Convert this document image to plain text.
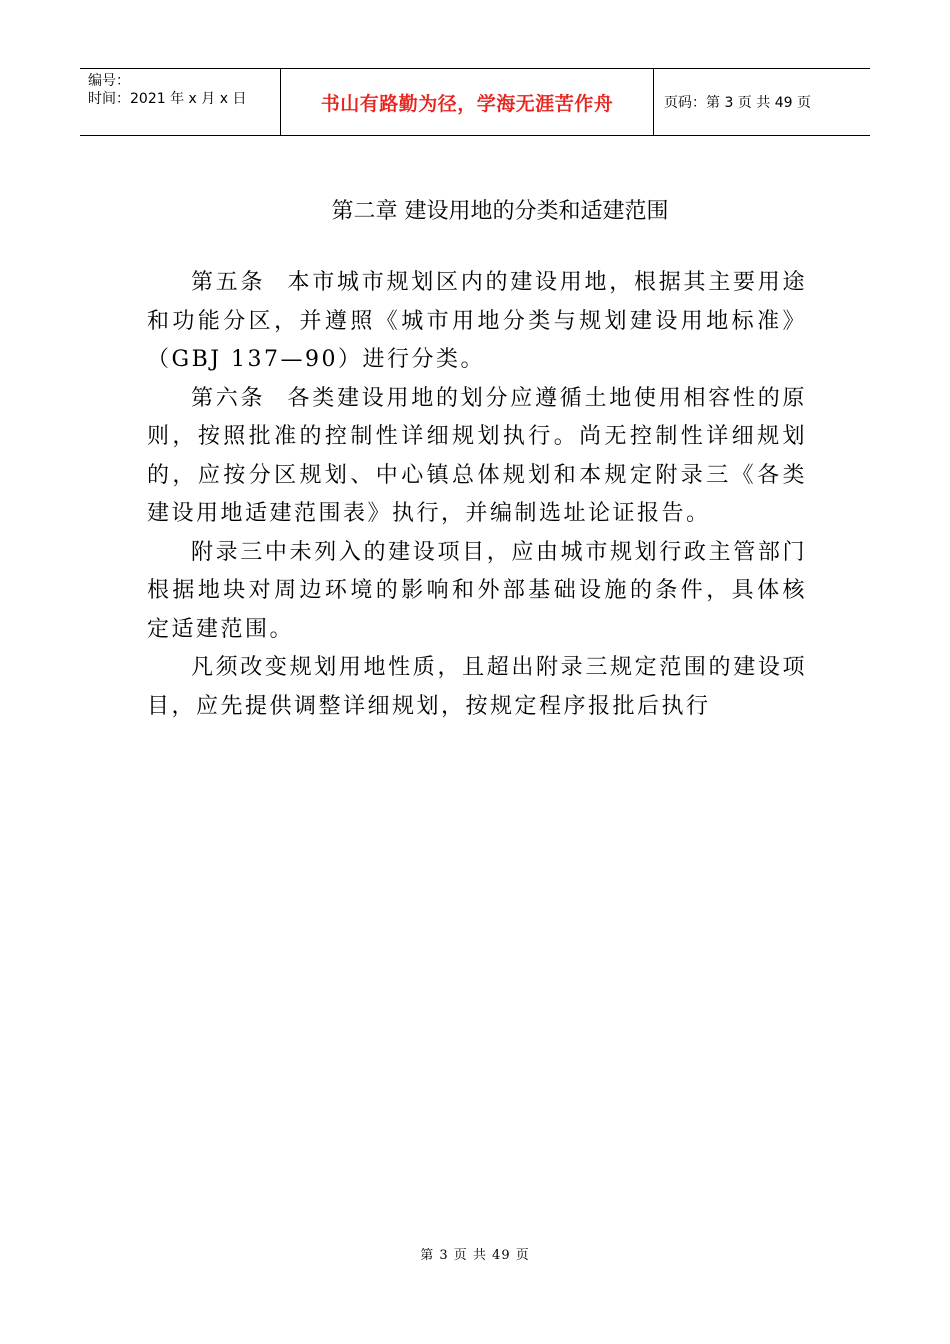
编号：
时间：2021 年 x 月 x 日	书山有路勤为径，学海无涯苦作舟	页码：第 3 页 共 49 页
第二章 建设用地的分类和适建范围

第五条 本市城市规划区内的建设用地，根据其主要用途和功能分区，并遵照《城市用地分类与规划建设用地标准》（GBJ 137—90）进行分类。

第六条 各类建设用地的划分应遵循土地使用相容性的原则，按照批准的控制性详细规划执行。尚无控制性详细规划的，应按分区规划、中心镇总体规划和本规定附录三《各类建设用地适建范围表》执行，并编制选址论证报告。

附录三中未列入的建设项目，应由城市规划行政主管部门根据地块对周边环境的影响和外部基础设施的条件，具体核定适建范围。

凡须改变规划用地性质，且超出附录三规定范围的建设项目，应先提供调整详细规划，按规定程序报批后执行

第 3 页 共 49 页
